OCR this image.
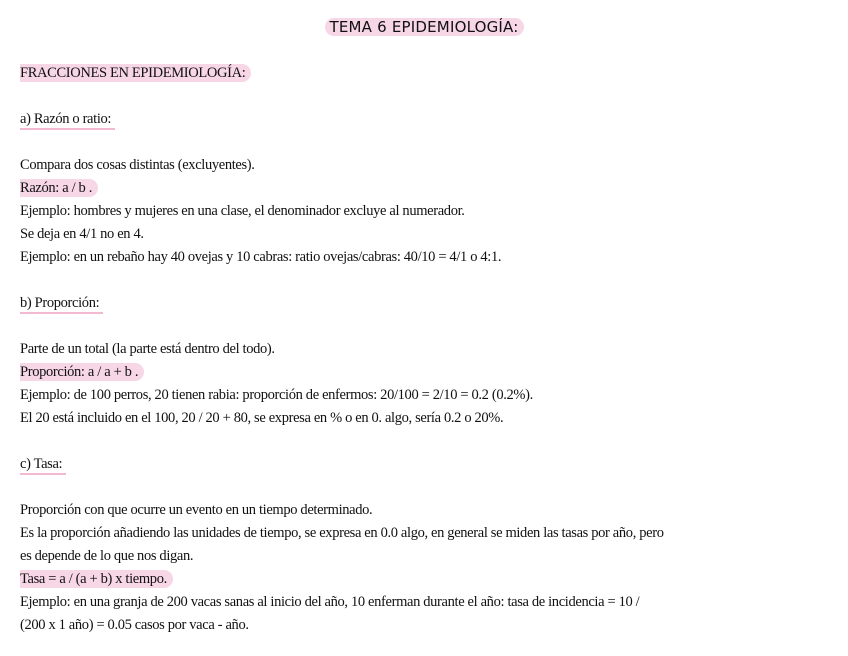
TEMA 6 EPIDEMIOLOGÍA:
FRACCIONES EN EPIDEMIOLOGÍA:
a) Razón o ratio:
Compara dos cosas distintas (excluyentes).
Razón: a / b .
Ejemplo: hombres y mujeres en una clase, el denominador excluye al numerador.
Se deja en 4/1 no en 4.
Ejemplo: en un rebaño hay 40 ovejas y 10 cabras: ratio ovejas/cabras: 40/10 = 4/1 o 4:1.
b) Proporción:
Parte de un total (la parte está dentro del todo).
Proporción: a / a + b .
Ejemplo: de 100 perros, 20 tienen rabia: proporción de enfermos: 20/100 = 2/10 = 0.2 (0.2%).
El 20 está incluido en el 100, 20 / 20 + 80, se expresa en % o en 0. algo, sería 0.2 o 20%.
c) Tasa:
Proporción con que ocurre un evento en un tiempo determinado.
Es la proporción añadiendo las unidades de tiempo, se expresa en 0.0 algo, en general se miden las tasas por año, pero
es depende de lo que nos digan.
Tasa = a / (a + b) x tiempo.
Ejemplo: en una granja de 200 vacas sanas al inicio del año, 10 enferman durante el año: tasa de incidencia = 10 /
(200 x 1 año) = 0.05 casos por vaca - año.
